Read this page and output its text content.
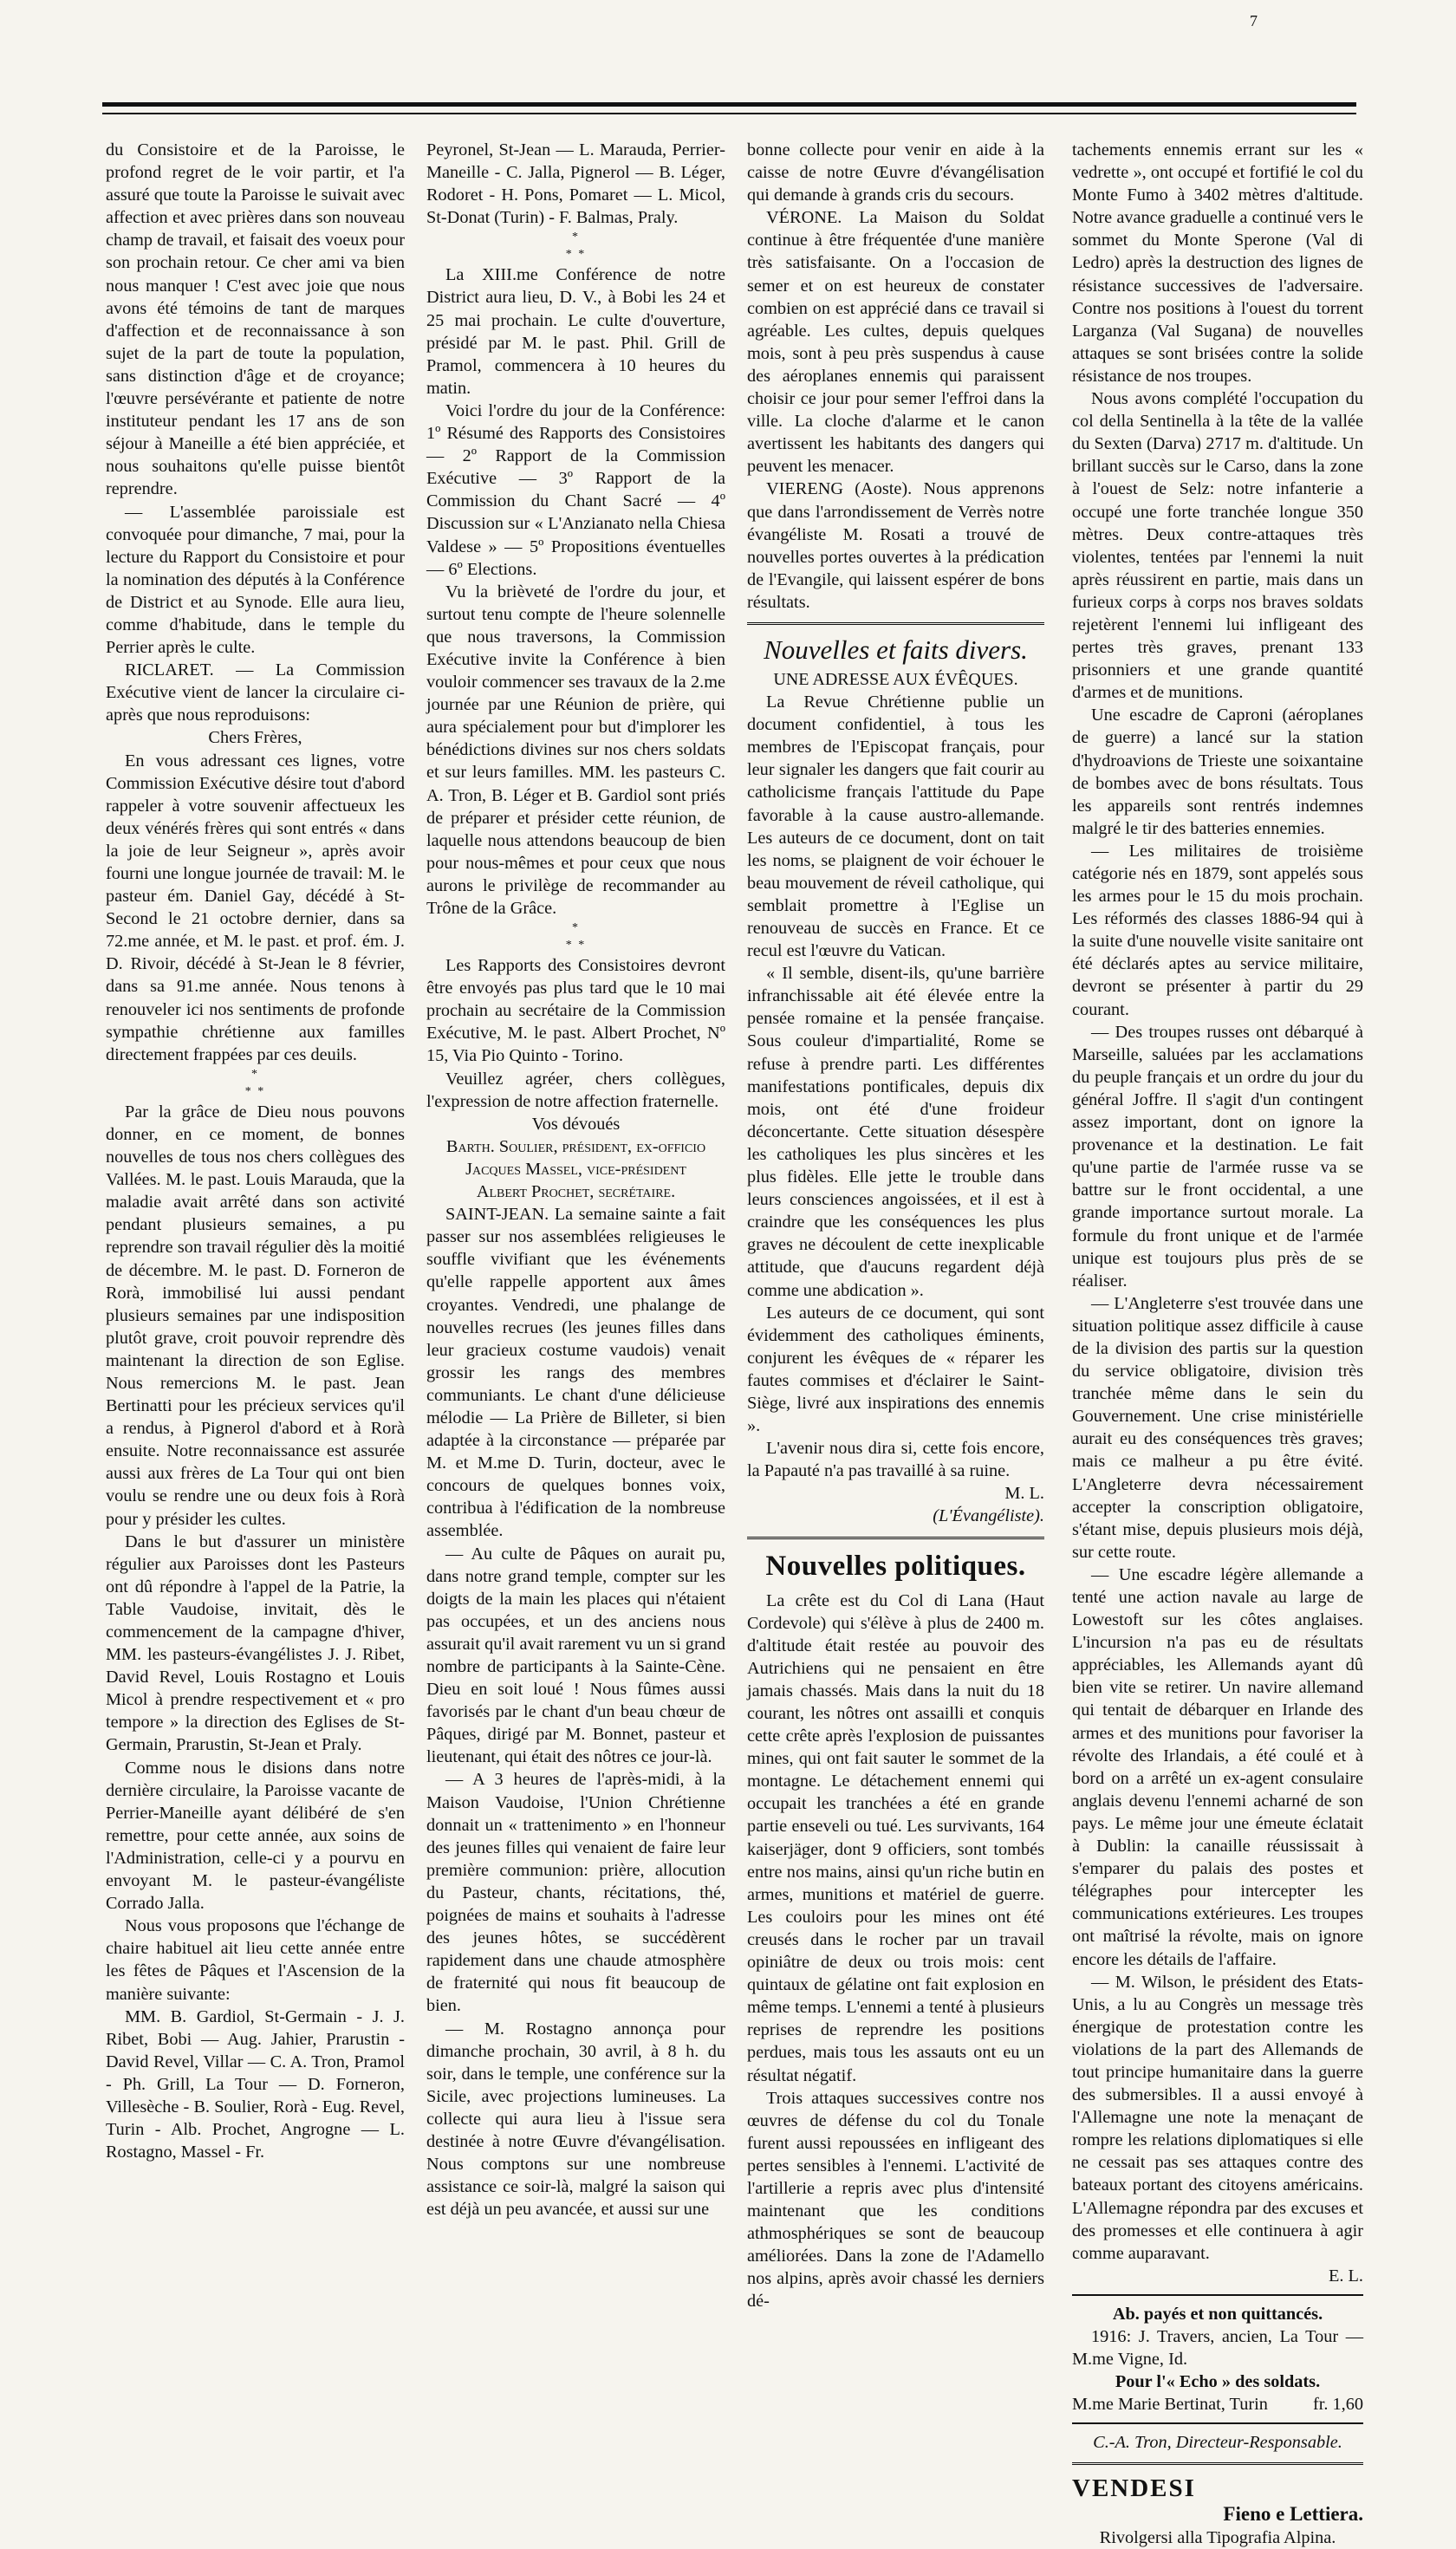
7

du Consistoire et de la Paroisse, le profond regret de le voir partir, et l'a assuré que toute la Paroisse le suivait avec affection et avec prières dans son nouveau champ de travail, et faisait des voeux pour son prochain retour. Ce cher ami va bien nous manquer ! C'est avec joie que nous avons été témoins de tant de marques d'affection et de reconnaissance à son sujet de la part de toute la population, sans distinction d'âge et de croyance; l'œuvre persévérante et patiente de notre instituteur pendant les 17 ans de son séjour à Maneille a été bien appréciée, et nous souhaitons qu'elle puisse bientôt reprendre.

— L'assemblée paroissiale est convoquée pour dimanche, 7 mai, pour la lecture du Rapport du Consistoire et pour la nomination des députés à la Conférence de District et au Synode. Elle aura lieu, comme d'habitude, dans le temple du Perrier après le culte.

RICLARET. — La Commission Exécutive vient de lancer la circulaire ci-après que nous reproduisons:

Chers Frères,

En vous adressant ces lignes, votre Commission Exécutive désire tout d'abord rappeler à votre souvenir affectueux les deux vénérés frères qui sont entrés « dans la joie de leur Seigneur », après avoir fourni une longue journée de travail: M. le pasteur ém. Daniel Gay, décédé à St-Second le 21 octobre dernier, dans sa 72.me année, et M. le past. et prof. ém. J. D. Rivoir, décédé à St-Jean le 8 février, dans sa 91.me année. Nous tenons à renouveler ici nos sentiments de profonde sympathie chrétienne aux familles directement frappées par ces deuils.

*
* *

Par la grâce de Dieu nous pouvons donner, en ce moment, de bonnes nouvelles de tous nos chers collègues des Vallées. M. le past. Louis Marauda, que la maladie avait arrêté dans son activité pendant plusieurs semaines, a pu reprendre son travail régulier dès la moitié de décembre. M. le past. D. Forneron de Rorà, immobilisé lui aussi pendant plusieurs semaines par une indisposition plutôt grave, croit pouvoir reprendre dès maintenant la direction de son Eglise. Nous remercions M. le past. Jean Bertinatti pour les précieux services qu'il a rendus, à Pignerol d'abord et à Rorà ensuite. Notre reconnaissance est assurée aussi aux frères de La Tour qui ont bien voulu se rendre une ou deux fois à Rorà pour y présider les cultes.

Dans le but d'assurer un ministère régulier aux Paroisses dont les Pasteurs ont dû répondre à l'appel de la Patrie, la Table Vaudoise, invitait, dès le commencement de la campagne d'hiver, MM. les pasteurs-évangélistes J. J. Ribet, David Revel, Louis Rostagno et Louis Micol à prendre respectivement et « pro tempore » la direction des Eglises de St-Germain, Prarustin, St-Jean et Praly.

Comme nous le disions dans notre dernière circulaire, la Paroisse vacante de Perrier-Maneille ayant délibéré de s'en remettre, pour cette année, aux soins de l'Administration, celle-ci y a pourvu en envoyant M. le pasteur-évangéliste Corrado Jalla.

Nous vous proposons que l'échange de chaire habituel ait lieu cette année entre les fêtes de Pâques et l'Ascension de la manière suivante:

MM. B. Gardiol, St-Germain - J. J. Ribet, Bobi — Aug. Jahier, Prarustin - David Revel, Villar — C. A. Tron, Pramol - Ph. Grill, La Tour — D. Forneron, Villesèche - B. Soulier, Rorà - Eug. Revel, Turin - Alb. Prochet, Angrogne — L. Rostagno, Massel - Fr.

Peyronel, St-Jean — L. Marauda, Perrier-Maneille - C. Jalla, Pignerol — B. Léger, Rodoret - H. Pons, Pomaret — L. Micol, St-Donat (Turin) - F. Balmas, Praly.

*
* *

La XIII.me Conférence de notre District aura lieu, D. V., à Bobi les 24 et 25 mai prochain. Le culte d'ouverture, présidé par M. le past. Phil. Grill de Pramol, commencera à 10 heures du matin.

Voici l'ordre du jour de la Conférence: 1º Résumé des Rapports des Consistoires — 2º Rapport de la Commission Exécutive — 3º Rapport de la Commission du Chant Sacré — 4º Discussion sur « L'Anzianato nella Chiesa Valdese » — 5º Propositions éventuelles — 6º Elections.

Vu la brièveté de l'ordre du jour, et surtout tenu compte de l'heure solennelle que nous traversons, la Commission Exécutive invite la Conférence à bien vouloir commencer ses travaux de la 2.me journée par une Réunion de prière, qui aura spécialement pour but d'implorer les bénédictions divines sur nos chers soldats et sur leurs familles. MM. les pasteurs C. A. Tron, B. Léger et B. Gardiol sont priés de préparer et présider cette réunion, de laquelle nous attendons beaucoup de bien pour nous-mêmes et pour ceux que nous aurons le privilège de recommander au Trône de la Grâce.

*
* *

Les Rapports des Consistoires devront être envoyés pas plus tard que le 10 mai prochain au secrétaire de la Commission Exécutive, M. le past. Albert Prochet, Nº 15, Via Pio Quinto - Torino.

Veuillez agréer, chers collègues, l'expression de notre affection fraternelle.

Vos dévoués

Barth. Soulier, président, ex-officio

Jacques Massel, vice-président

Albert Prochet, secrétaire.

SAINT-JEAN. La semaine sainte a fait passer sur nos assemblées religieuses le souffle vivifiant que les événements qu'elle rappelle apportent aux âmes croyantes. Vendredi, une phalange de nouvelles recrues (les jeunes filles dans leur gracieux costume vaudois) venait grossir les rangs des membres communiants. Le chant d'une délicieuse mélodie — La Prière de Billeter, si bien adaptée à la circonstance — préparée par M. et M.me D. Turin, docteur, avec le concours de quelques bonnes voix, contribua à l'édification de la nombreuse assemblée.

— Au culte de Pâques on aurait pu, dans notre grand temple, compter sur les doigts de la main les places qui n'étaient pas occupées, et un des anciens nous assurait qu'il avait rarement vu un si grand nombre de participants à la Sainte-Cène. Dieu en soit loué ! Nous fûmes aussi favorisés par le chant d'un beau chœur de Pâques, dirigé par M. Bonnet, pasteur et lieutenant, qui était des nôtres ce jour-là.

— A 3 heures de l'après-midi, à la Maison Vaudoise, l'Union Chrétienne donnait un « trattenimento » en l'honneur des jeunes filles qui venaient de faire leur première communion: prière, allocution du Pasteur, chants, récitations, thé, poignées de mains et souhaits à l'adresse des jeunes hôtes, se succédèrent rapidement dans une chaude atmosphère de fraternité qui nous fit beaucoup de bien.

— M. Rostagno annonça pour dimanche prochain, 30 avril, à 8 h. du soir, dans le temple, une conférence sur la Sicile, avec projections lumineuses. La collecte qui aura lieu à l'issue sera destinée à notre Œuvre d'évangélisation. Nous comptons sur une nombreuse assistance ce soir-là, malgré la saison qui est déjà un peu avancée, et aussi sur une

bonne collecte pour venir en aide à la caisse de notre Œuvre d'évangélisation qui demande à grands cris du secours.

VÉRONE. La Maison du Soldat continue à être fréquentée d'une manière très satisfaisante. On a l'occasion de semer et on est heureux de constater combien on est apprécié dans ce travail si agréable. Les cultes, depuis quelques mois, sont à peu près suspendus à cause des aéroplanes ennemis qui paraissent choisir ce jour pour semer l'effroi dans la ville. La cloche d'alarme et le canon avertissent les habitants des dangers qui peuvent les menacer.

VIERENG (Aoste). Nous apprenons que dans l'arrondissement de Verrès notre évangéliste M. Rosati a trouvé de nouvelles portes ouvertes à la prédication de l'Evangile, qui laissent espérer de bons résultats.

Nouvelles et faits divers.

UNE ADRESSE AUX ÉVÊQUES.

La Revue Chrétienne publie un document confidentiel, à tous les membres de l'Episcopat français, pour leur signaler les dangers que fait courir au catholicisme français l'attitude du Pape favorable à la cause austro-allemande. Les auteurs de ce document, dont on tait les noms, se plaignent de voir échouer le beau mouvement de réveil catholique, qui semblait promettre à l'Eglise un renouveau de succès en France. Et ce recul est l'œuvre du Vatican.

« Il semble, disent-ils, qu'une barrière infranchissable ait été élevée entre la pensée romaine et la pensée française. Sous couleur d'impartialité, Rome se refuse à prendre parti. Les différentes manifestations pontificales, depuis dix mois, ont été d'une froideur déconcertante. Cette situation désespère les catholiques les plus sincères et les plus fidèles. Elle jette le trouble dans leurs consciences angoissées, et il est à craindre que les conséquences les plus graves ne découlent de cette inexplicable attitude, que d'aucuns regardent déjà comme une abdication ».

Les auteurs de ce document, qui sont évidemment des catholiques éminents, conjurent les évêques de « réparer les fautes commises et d'éclairer le Saint-Siège, livré aux inspirations des ennemis ».

L'avenir nous dira si, cette fois encore, la Papauté n'a pas travaillé à sa ruine.

M. L.

(L'Évangéliste).

Nouvelles politiques.

La crête est du Col di Lana (Haut Cordevole) qui s'élève à plus de 2400 m. d'altitude était restée au pouvoir des Autrichiens qui ne pensaient en être jamais chassés. Mais dans la nuit du 18 courant, les nôtres ont assailli et conquis cette crête après l'explosion de puissantes mines, qui ont fait sauter le sommet de la montagne. Le détachement ennemi qui occupait les tranchées a été en grande partie enseveli ou tué. Les survivants, 164 kaiserjäger, dont 9 officiers, sont tombés entre nos mains, ainsi qu'un riche butin en armes, munitions et matériel de guerre. Les couloirs pour les mines ont été creusés dans le rocher par un travail opiniâtre de deux ou trois mois: cent quintaux de gélatine ont fait explosion en même temps. L'ennemi a tenté à plusieurs reprises de reprendre les positions perdues, mais tous les assauts ont eu un résultat négatif.

Trois attaques successives contre nos œuvres de défense du col du Tonale furent aussi repoussées en infligeant des pertes sensibles à l'ennemi. L'activité de l'artillerie a repris avec plus d'intensité maintenant que les conditions athmosphériques se sont de beaucoup améliorées. Dans la zone de l'Adamello nos alpins, après avoir chassé les derniers dé-

tachements ennemis errant sur les « vedrette », ont occupé et fortifié le col du Monte Fumo à 3402 mètres d'altitude. Notre avance graduelle a continué vers le sommet du Monte Sperone (Val di Ledro) après la destruction des lignes de résistance successives de l'adversaire. Contre nos positions à l'ouest du torrent Larganza (Val Sugana) de nouvelles attaques se sont brisées contre la solide résistance de nos troupes.

Nous avons complété l'occupation du col della Sentinella à la tête de la vallée du Sexten (Darva) 2717 m. d'altitude. Un brillant succès sur le Carso, dans la zone à l'ouest de Selz: notre infanterie a occupé une forte tranchée longue 350 mètres. Deux contre-attaques très violentes, tentées par l'ennemi la nuit après réussirent en partie, mais dans un furieux corps à corps nos braves soldats rejetèrent l'ennemi lui infligeant des pertes très graves, prenant 133 prisonniers et une grande quantité d'armes et de munitions.

Une escadre de Caproni (aéroplanes de guerre) a lancé sur la station d'hydroavions de Trieste une soixantaine de bombes avec de bons résultats. Tous les appareils sont rentrés indemnes malgré le tir des batteries ennemies.

— Les militaires de troisième catégorie nés en 1879, sont appelés sous les armes pour le 15 du mois prochain. Les réformés des classes 1886-94 qui à la suite d'une nouvelle visite sanitaire ont été déclarés aptes au service militaire, devront se présenter à partir du 29 courant.

— Des troupes russes ont débarqué à Marseille, saluées par les acclamations du peuple français et un ordre du jour du général Joffre. Il s'agit d'un contingent assez important, dont on ignore la provenance et la destination. Le fait qu'une partie de l'armée russe va se battre sur le front occidental, a une grande importance surtout morale. La formule du front unique et de l'armée unique est toujours plus près de se réaliser.

— L'Angleterre s'est trouvée dans une situation politique assez difficile à cause de la division des partis sur la question du service obligatoire, division très tranchée même dans le sein du Gouvernement. Une crise ministérielle aurait eu des conséquences très graves; mais ce malheur a pu être évité. L'Angleterre devra nécessairement accepter la conscription obligatoire, s'étant mise, depuis plusieurs mois déjà, sur cette route.

— Une escadre légère allemande a tenté une action navale au large de Lowestoft sur les côtes anglaises. L'incursion n'a pas eu de résultats appréciables, les Allemands ayant dû bien vite se retirer. Un navire allemand qui tentait de débarquer en Irlande des armes et des munitions pour favoriser la révolte des Irlandais, a été coulé et à bord on a arrêté un ex-agent consulaire anglais devenu l'ennemi acharné de son pays. Le même jour une émeute éclatait à Dublin: la canaille réussissait à s'emparer du palais des postes et télégraphes pour intercepter les communications extérieures. Les troupes ont maîtrisé la révolte, mais on ignore encore les détails de l'affaire.

— M. Wilson, le président des Etats-Unis, a lu au Congrès un message très énergique de protestation contre les violations de la part des Allemands de tout principe humanitaire dans la guerre des submersibles. Il a aussi envoyé à l'Allemagne une note la menaçant de rompre les relations diplomatiques si elle ne cessait pas ses attaques contre des bateaux portant des citoyens américains. L'Allemagne répondra par des excuses et des promesses et elle continuera à agir comme auparavant.

E. L.

Ab. payés et non quittancés.

1916: J. Travers, ancien, La Tour — M.me Vigne, Id.

Pour l'« Echo » des soldats.

M.me Marie Bertinat, Turin	fr. 1,60

C.-A. Tron, Directeur-Responsable.

VENDESI

Fieno e Lettiera.

Rivolgersi alla Tipografia Alpina.
